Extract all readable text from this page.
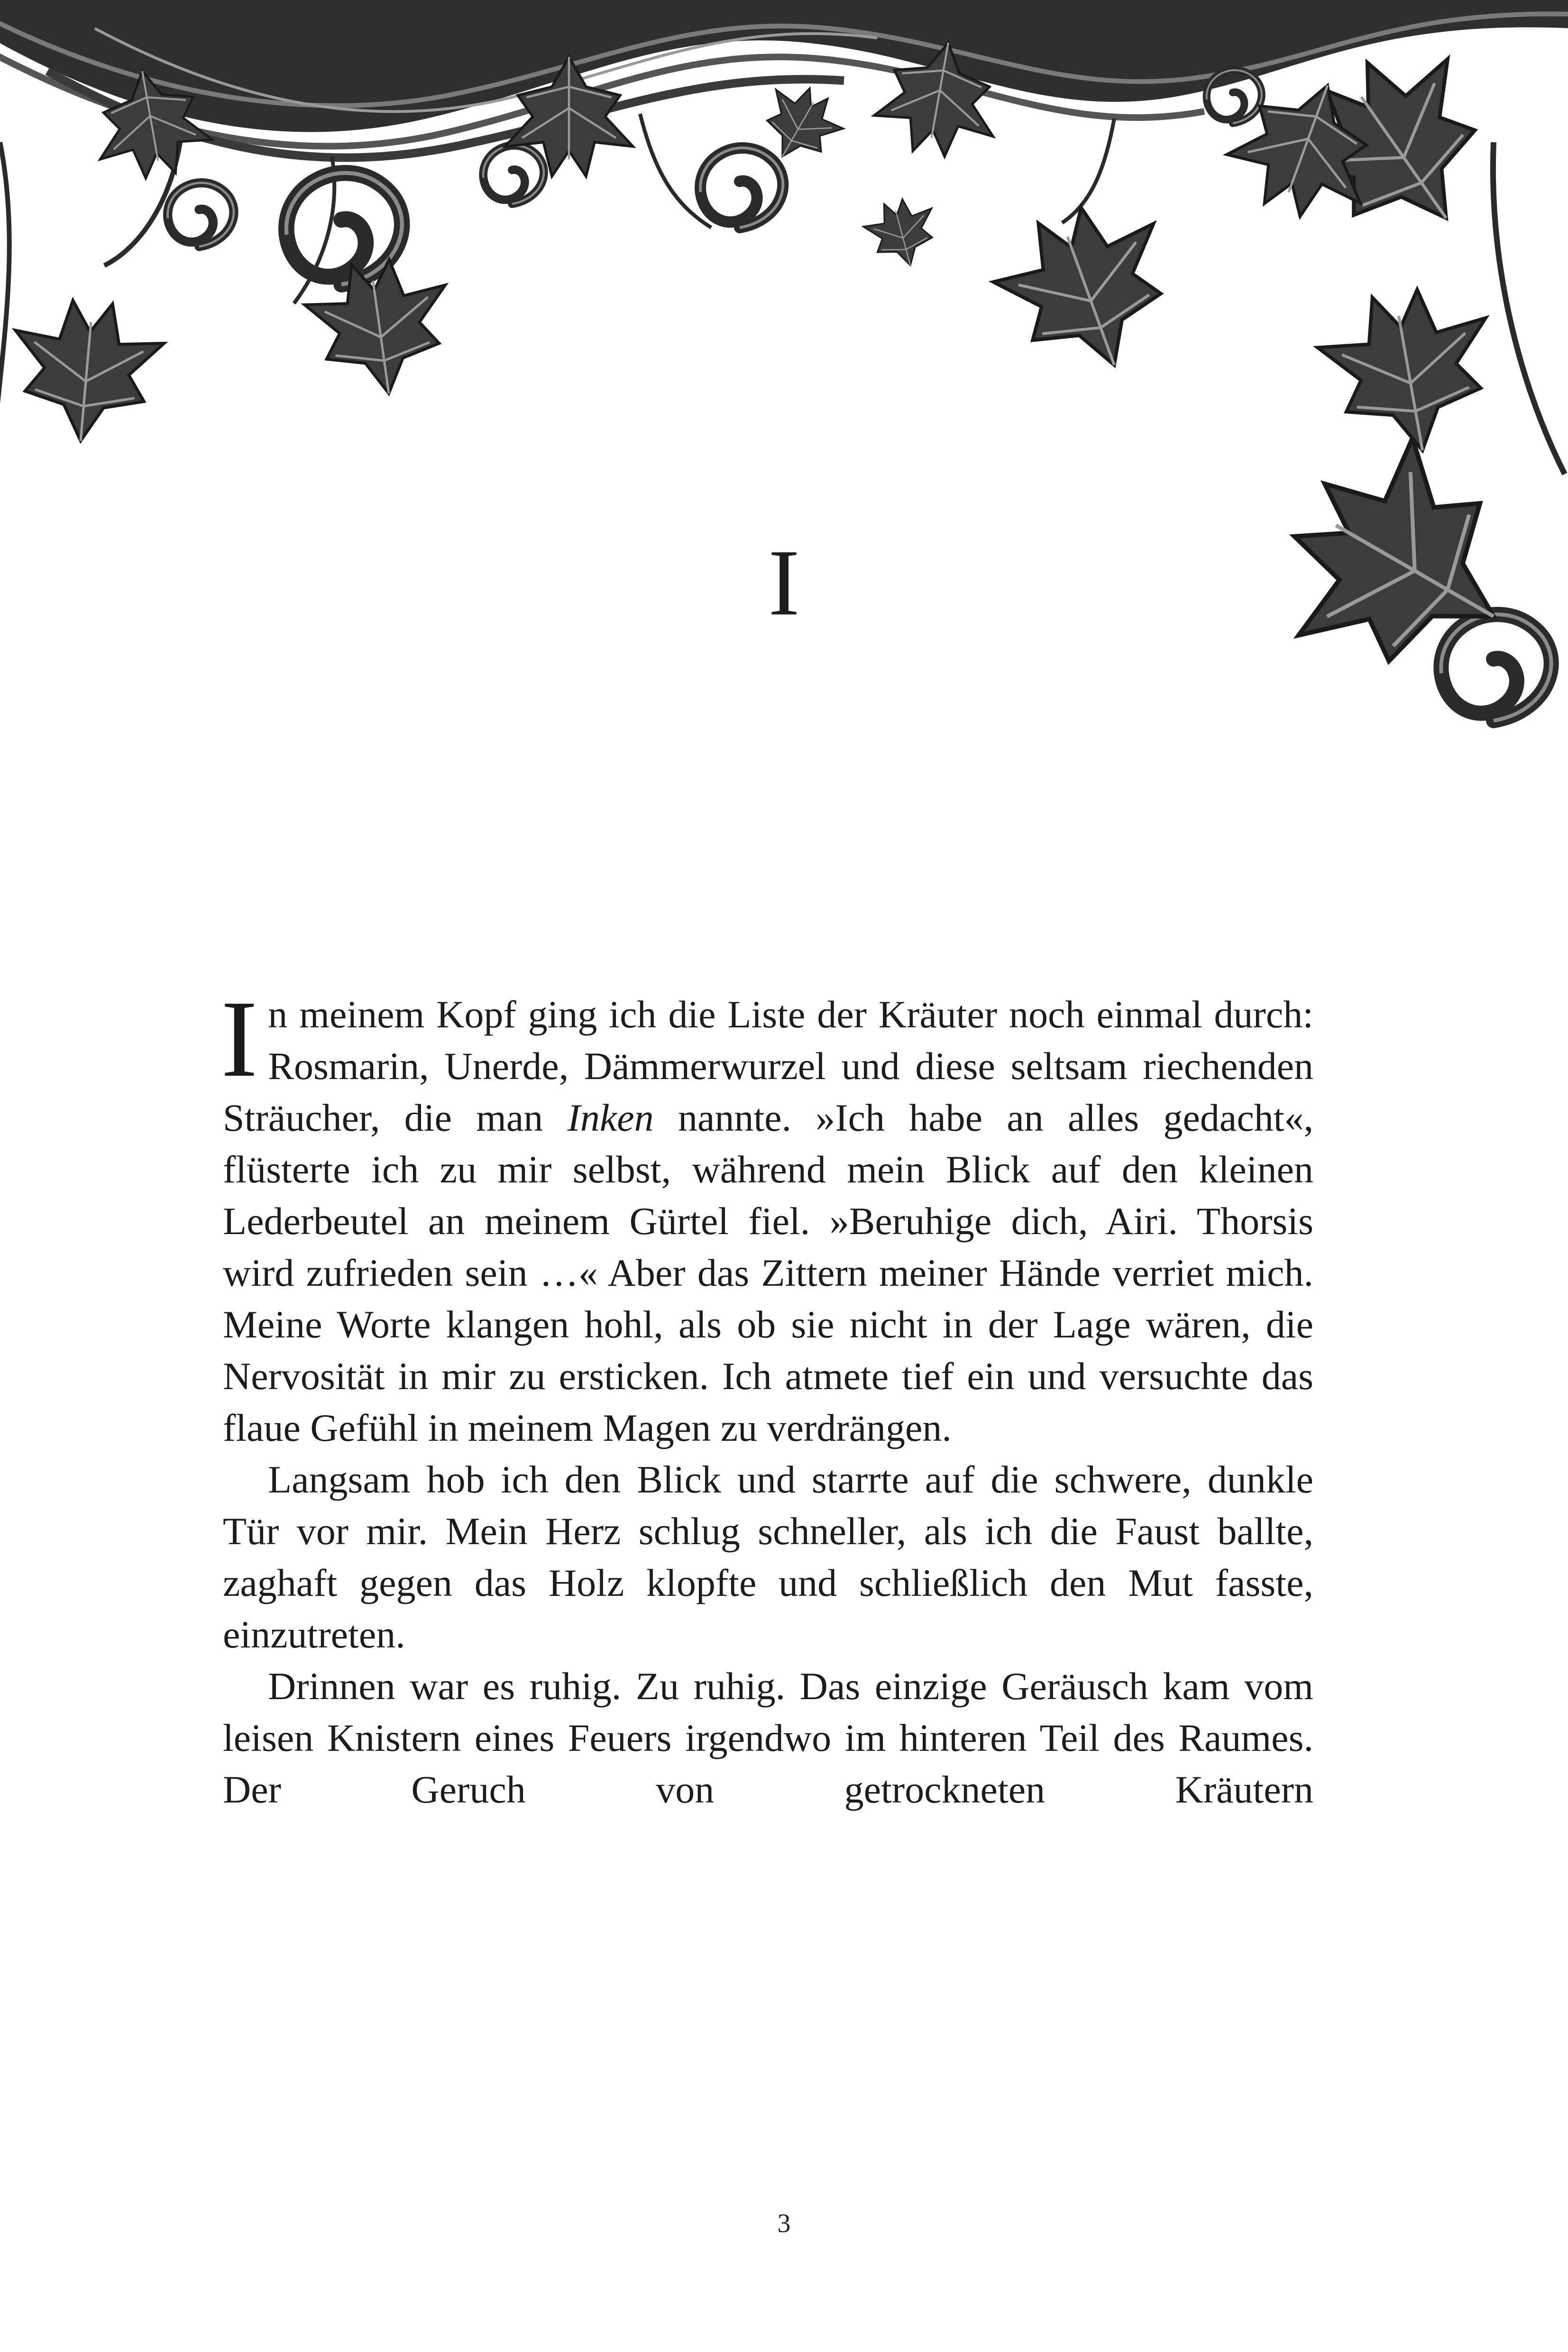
I

In meinem Kopf ging ich die Liste der Kräuter noch einmal durch: Rosmarin, Unerde, Dämmerwurzel und diese seltsam riechenden Sträucher, die man Inken nannte. »Ich habe an alles gedacht«, flüsterte ich zu mir selbst, während mein Blick auf den kleinen Lederbeutel an meinem Gürtel fiel. »Beruhige dich, Airi. Thorsis wird zufrieden sein …« Aber das Zittern meiner Hände verriet mich. Meine Worte klangen hohl, als ob sie nicht in der Lage wären, die Nervosität in mir zu ersticken. Ich atmete tief ein und versuchte das flaue Gefühl in meinem Magen zu verdrängen.

Langsam hob ich den Blick und starrte auf die schwere, dunkle Tür vor mir. Mein Herz schlug schneller, als ich die Faust ballte, zaghaft gegen das Holz klopfte und schließlich den Mut fasste, einzutreten.

Drinnen war es ruhig. Zu ruhig. Das einzige Geräusch kam vom leisen Knistern eines Feuers irgendwo im hinteren Teil des Raumes. Der Geruch von getrockneten Kräutern

3
